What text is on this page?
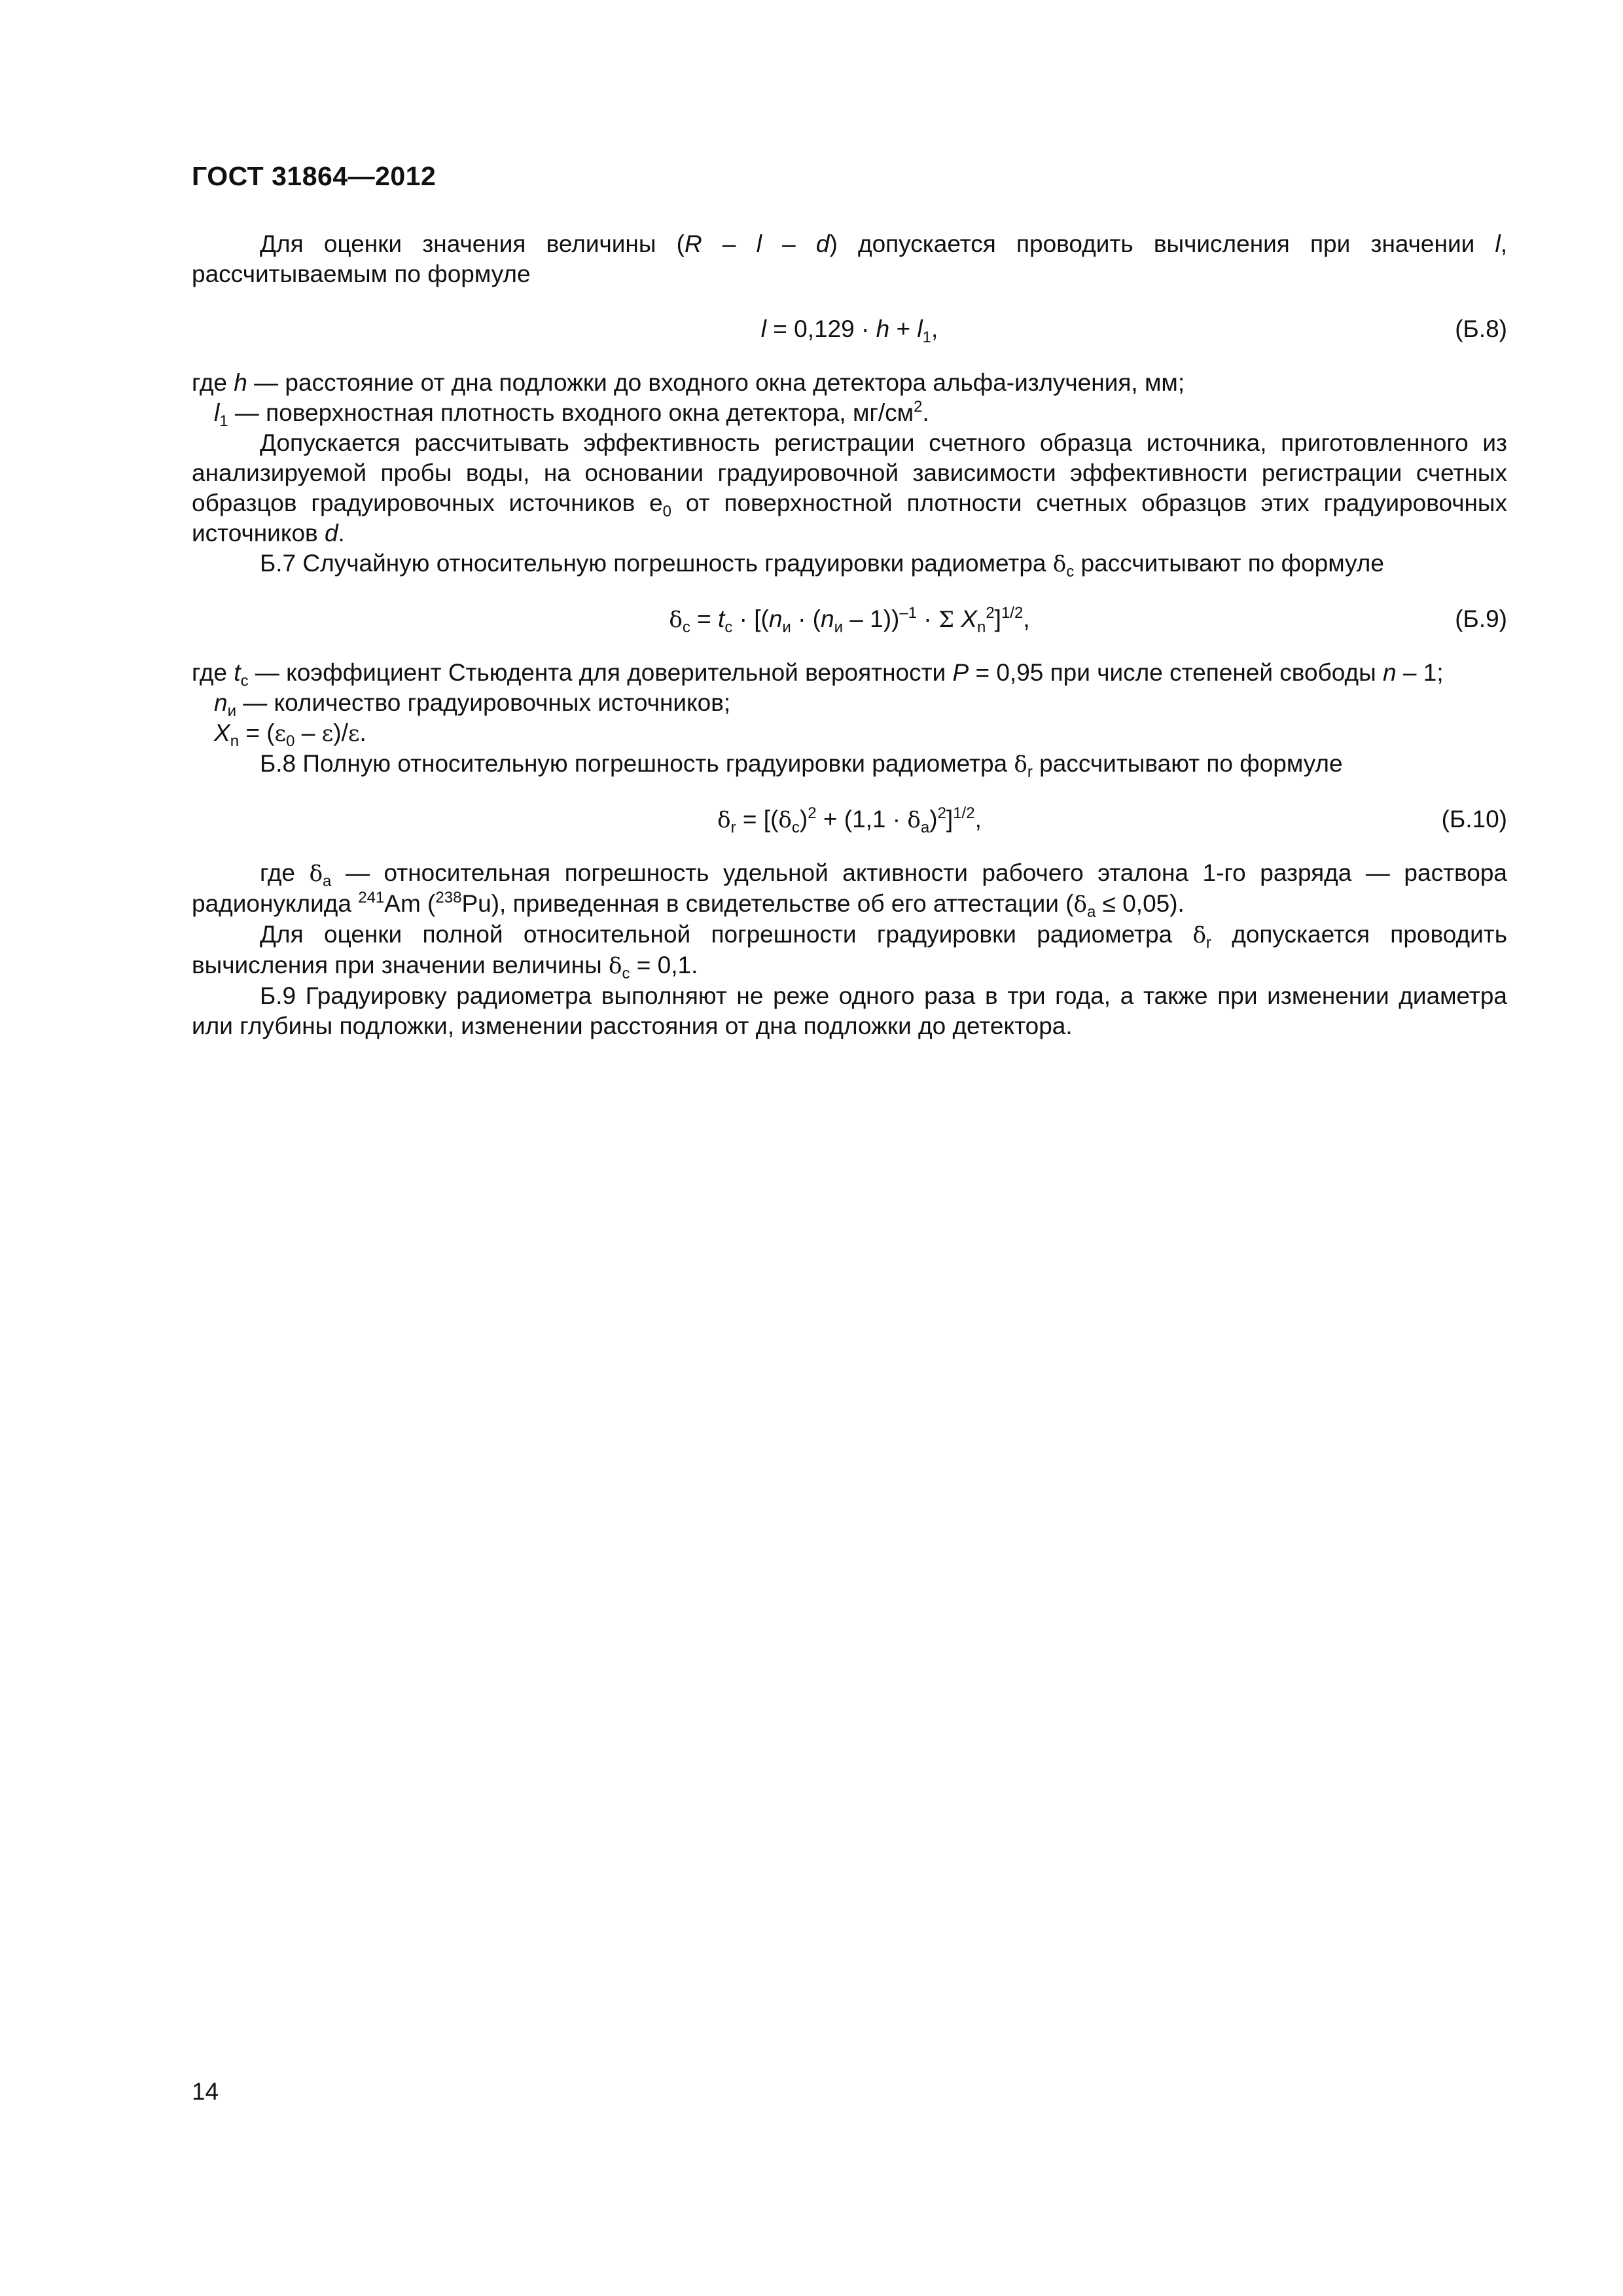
ГОСТ 31864—2012

Для оценки значения величины (R – l – d) допускается проводить вычисления при значении l, рассчитываемым по формуле

$l = 0,129 \cdot h + l_1$,	(Б.8)

где h — расстояние от дна подложки до входного окна детектора альфа-излучения, мм;

$l_1$ — поверхностная плотность входного окна детектора, $мг/см^2$.

Допускается рассчитывать эффективность регистрации счетного образца источника, приготовленного из анализируемой пробы воды, на основании градуировочной зависимости эффективности регистрации счетных образцов градуировочных источников $e_0$ от поверхностной плотности счетных образцов этих градуировочных источников d.

Б.7 Случайную относительную погрешность градуировки радиометра $\delta_c$ рассчитывают по формуле

$\delta_c = t_c \cdot [(n_и \cdot (n_и - 1))^{-1} \cdot \Sigma$ $X_n^2]^{1/2}$,	(Б.9)

где $t_c$ — коэффициент Стьюдента для доверительной вероятности P = 0,95 при числе степеней свободы n – 1;

$n_и$ — количество градуировочных источников;

$X_n = (\varepsilon_0 - \varepsilon)/\varepsilon$.

Б.8 Полную относительную погрешность градуировки радиометра $\delta_r$ рассчитывают по формуле

$\delta_r = [(\delta_c)^2 + (1,1 \cdot \delta_a)^2]^{1/2}$,	(Б.10)

где $\delta_a$ — относительная погрешность удельной активности рабочего эталона 1-го разряда — раствора радионуклида $^{241}$Am ($^{238}$Pu), приведенная в свидетельстве об его аттестации $(\delta_a \le 0,05)$.

Для оценки полной относительной погрешности градуировки радиометра $\delta_r$ допускается проводить вычисления при значении величины $\delta_c = 0,1$.

Б.9 Градуировку радиометра выполняют не реже одного раза в три года, а также при изменении диаметра или глубины подложки, изменении расстояния от дна подложки до детектора.

14
